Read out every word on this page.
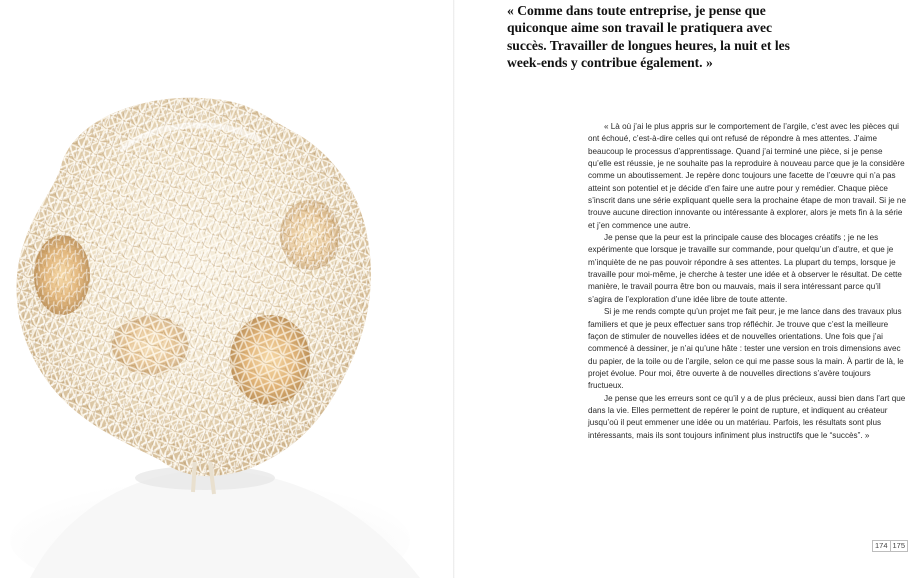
« Comme dans toute entreprise, je pense que quiconque aime son travail le pratiquera avec succès. Travailler de longues heures, la nuit et les week-ends y contribue également. »

« Là où j’ai le plus appris sur le comportement de l’argile, c’est avec les pièces qui ont échoué, c’est-à-dire celles qui ont refusé de répondre à mes attentes. J’aime beaucoup le processus d’apprentissage. Quand j’ai terminé une pièce, si je pense qu’elle est réussie, je ne souhaite pas la reproduire à nouveau parce que je la considère comme un aboutissement. Je repère donc toujours une facette de l’œuvre qui n’a pas atteint son potentiel et je décide d’en faire une autre pour y remédier. Chaque pièce s’inscrit dans une série expliquant quelle sera la prochaine étape de mon travail. Si je ne trouve aucune direction innovante ou intéressante à explorer, alors je mets fin à la série et j’en commence une autre.

Je pense que la peur est la principale cause des blocages créatifs ; je ne les expérimente que lorsque je travaille sur commande, pour quelqu’un d’autre, et que je m’inquiète de ne pas pouvoir répondre à ses attentes. La plupart du temps, lorsque je travaille pour moi-même, je cherche à tester une idée et à observer le résultat. De cette manière, le travail pourra être bon ou mauvais, mais il sera intéressant parce qu’il s’agira de l’exploration d’une idée libre de toute attente.

Si je me rends compte qu’un projet me fait peur, je me lance dans des travaux plus familiers et que je peux effectuer sans trop réfléchir. Je trouve que c’est la meilleure façon de stimuler de nouvelles idées et de nouvelles orientations. Une fois que j’ai commencé à dessiner, je n’ai qu’une hâte : tester une version en trois dimensions avec du papier, de la toile ou de l’argile, selon ce qui me passe sous la main. À partir de là, le projet évolue. Pour moi, être ouverte à de nouvelles directions s’avère toujours fructueux.

Je pense que les erreurs sont ce qu’il y a de plus précieux, aussi bien dans l’art que dans la vie. Elles permettent de repérer le point de rupture, et indiquent au créateur jusqu’où il peut emmener une idée ou un matériau. Parfois, les résultats sont plus intéressants, mais ils sont toujours infiniment plus instructifs que le “succès”. »

174 175
